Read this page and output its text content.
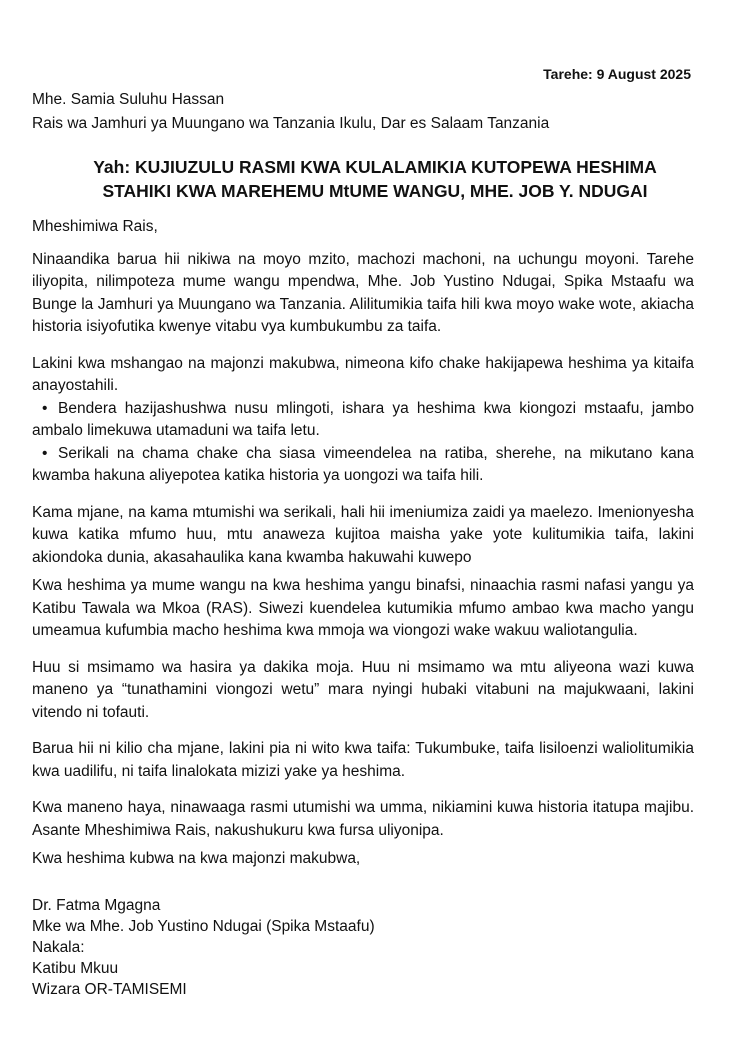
Tarehe: 9 August 2025
Mhe. Samia Suluhu Hassan
Rais wa Jamhuri ya Muungano wa Tanzania Ikulu, Dar es Salaam Tanzania
Yah: KUJIUZULU RASMI KWA KULALAMIKIA KUTOPEWA HESHIMA
STAHIKI KWA MAREHEMU MtUME WANGU, MHE. JOB Y. NDUGAI
Mheshimiwa Rais,

Ninaandika barua hii nikiwa na moyo mzito, machozi machoni, na uchungu moyoni. Tarehe iliyopita, nilimpoteza mume wangu mpendwa, Mhe. Job Yustino Ndugai, Spika Mstaafu wa Bunge la Jamhuri ya Muungano wa Tanzania. Alilitumikia taifa hili kwa moyo wake wote, akiacha historia isiyofutika kwenye vitabu vya kumbukumbu za taifa.

Lakini kwa mshangao na majonzi makubwa, nimeona kifo chake hakijapewa heshima ya kitaifa anayostahili.

• Bendera hazijashushwa nusu mlingoti, ishara ya heshima kwa kiongozi mstaafu, jambo ambalo limekuwa utamaduni wa taifa letu.
• Serikali na chama chake cha siasa vimeendelea na ratiba, sherehe, na mikutano kana kwamba hakuna aliyepotea katika historia ya uongozi wa taifa hili.

Kama mjane, na kama mtumishi wa serikali, hali hii imeniumiza zaidi ya maelezo. Imenionyesha kuwa katika mfumo huu, mtu anaweza kujitoa maisha yake yote kulitumikia taifa, lakini akiondoka dunia, akasahaulika kana kwamba hakuwahi kuwepo

Kwa heshima ya mume wangu na kwa heshima yangu binafsi, ninaachia rasmi nafasi yangu ya Katibu Tawala wa Mkoa (RAS). Siwezi kuendelea kutumikia mfumo ambao kwa macho yangu umeamua kufumbia macho heshima kwa mmoja wa viongozi wake wakuu waliotangulia.

Huu si msimamo wa hasira ya dakika moja. Huu ni msimamo wa mtu aliyeona wazi kuwa maneno ya “tunathamini viongozi wetu” mara nyingi hubaki vitabuni na majukwaani, lakini vitendo ni tofauti.

Barua hii ni kilio cha mjane, lakini pia ni wito kwa taifa: Tukumbuke, taifa lisiloenzi waliolitumikia kwa uadilifu, ni taifa linalokata mizizi yake ya heshima.

Kwa maneno haya, ninawaaga rasmi utumishi wa umma, nikiamini kuwa historia itatupa majibu. Asante Mheshimiwa Rais, nakushukuru kwa fursa uliyonipa.

Kwa heshima kubwa na kwa majonzi makubwa,
Dr. Fatma Mgagna
Mke wa Mhe. Job Yustino Ndugai (Spika Mstaafu)
Nakala:
Katibu Mkuu
Wizara OR-TAMISEMI
